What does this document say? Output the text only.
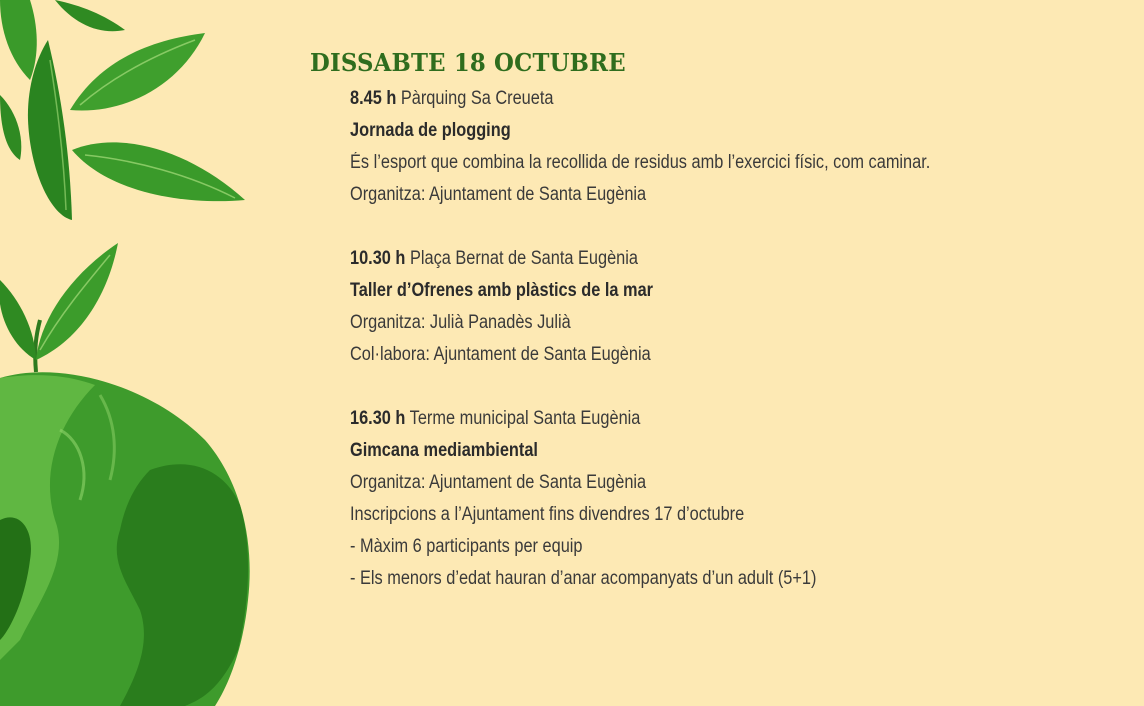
DISSABTE 18 OCTUBRE
8.45 h Pàrquing Sa Creueta
Jornada de plogging
És l’esport que combina la recollida de residus amb l’exercici físic, com caminar.
Organitza: Ajuntament de Santa Eugènia
10.30 h Plaça Bernat de Santa Eugènia
Taller d’Ofrenes amb plàstics de la mar
Organitza: Julià Panadès Julià
Col·labora: Ajuntament de Santa Eugènia
16.30 h Terme municipal Santa Eugènia
Gimcana mediambiental
Organitza: Ajuntament de Santa Eugènia
Inscripcions a l’Ajuntament fins divendres 17 d’octubre
- Màxim 6 participants per equip
- Els menors d’edat hauran d’anar acompanyats d’un adult (5+1)
